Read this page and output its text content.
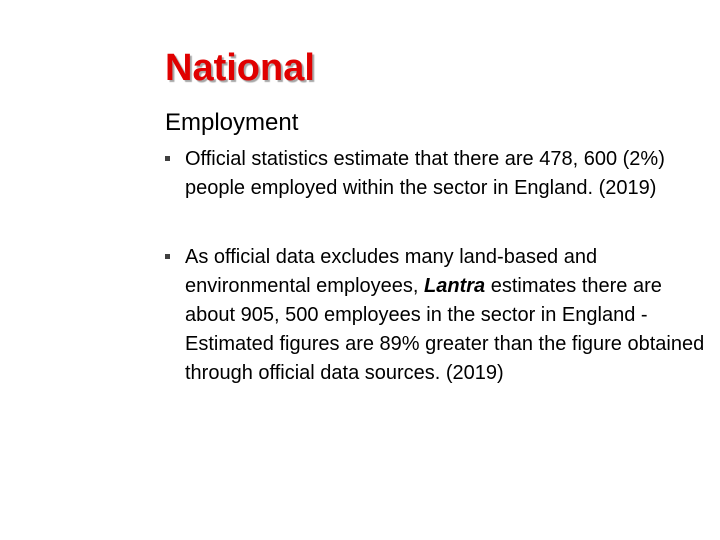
National
Employment
Official statistics estimate that there are 478, 600 (2%) people employed within the sector in England. (2019)
As official data excludes many land-based and environmental employees, Lantra estimates there are about 905, 500 employees in the sector in England - Estimated figures are 89% greater than the figure obtained through official data sources. (2019)
